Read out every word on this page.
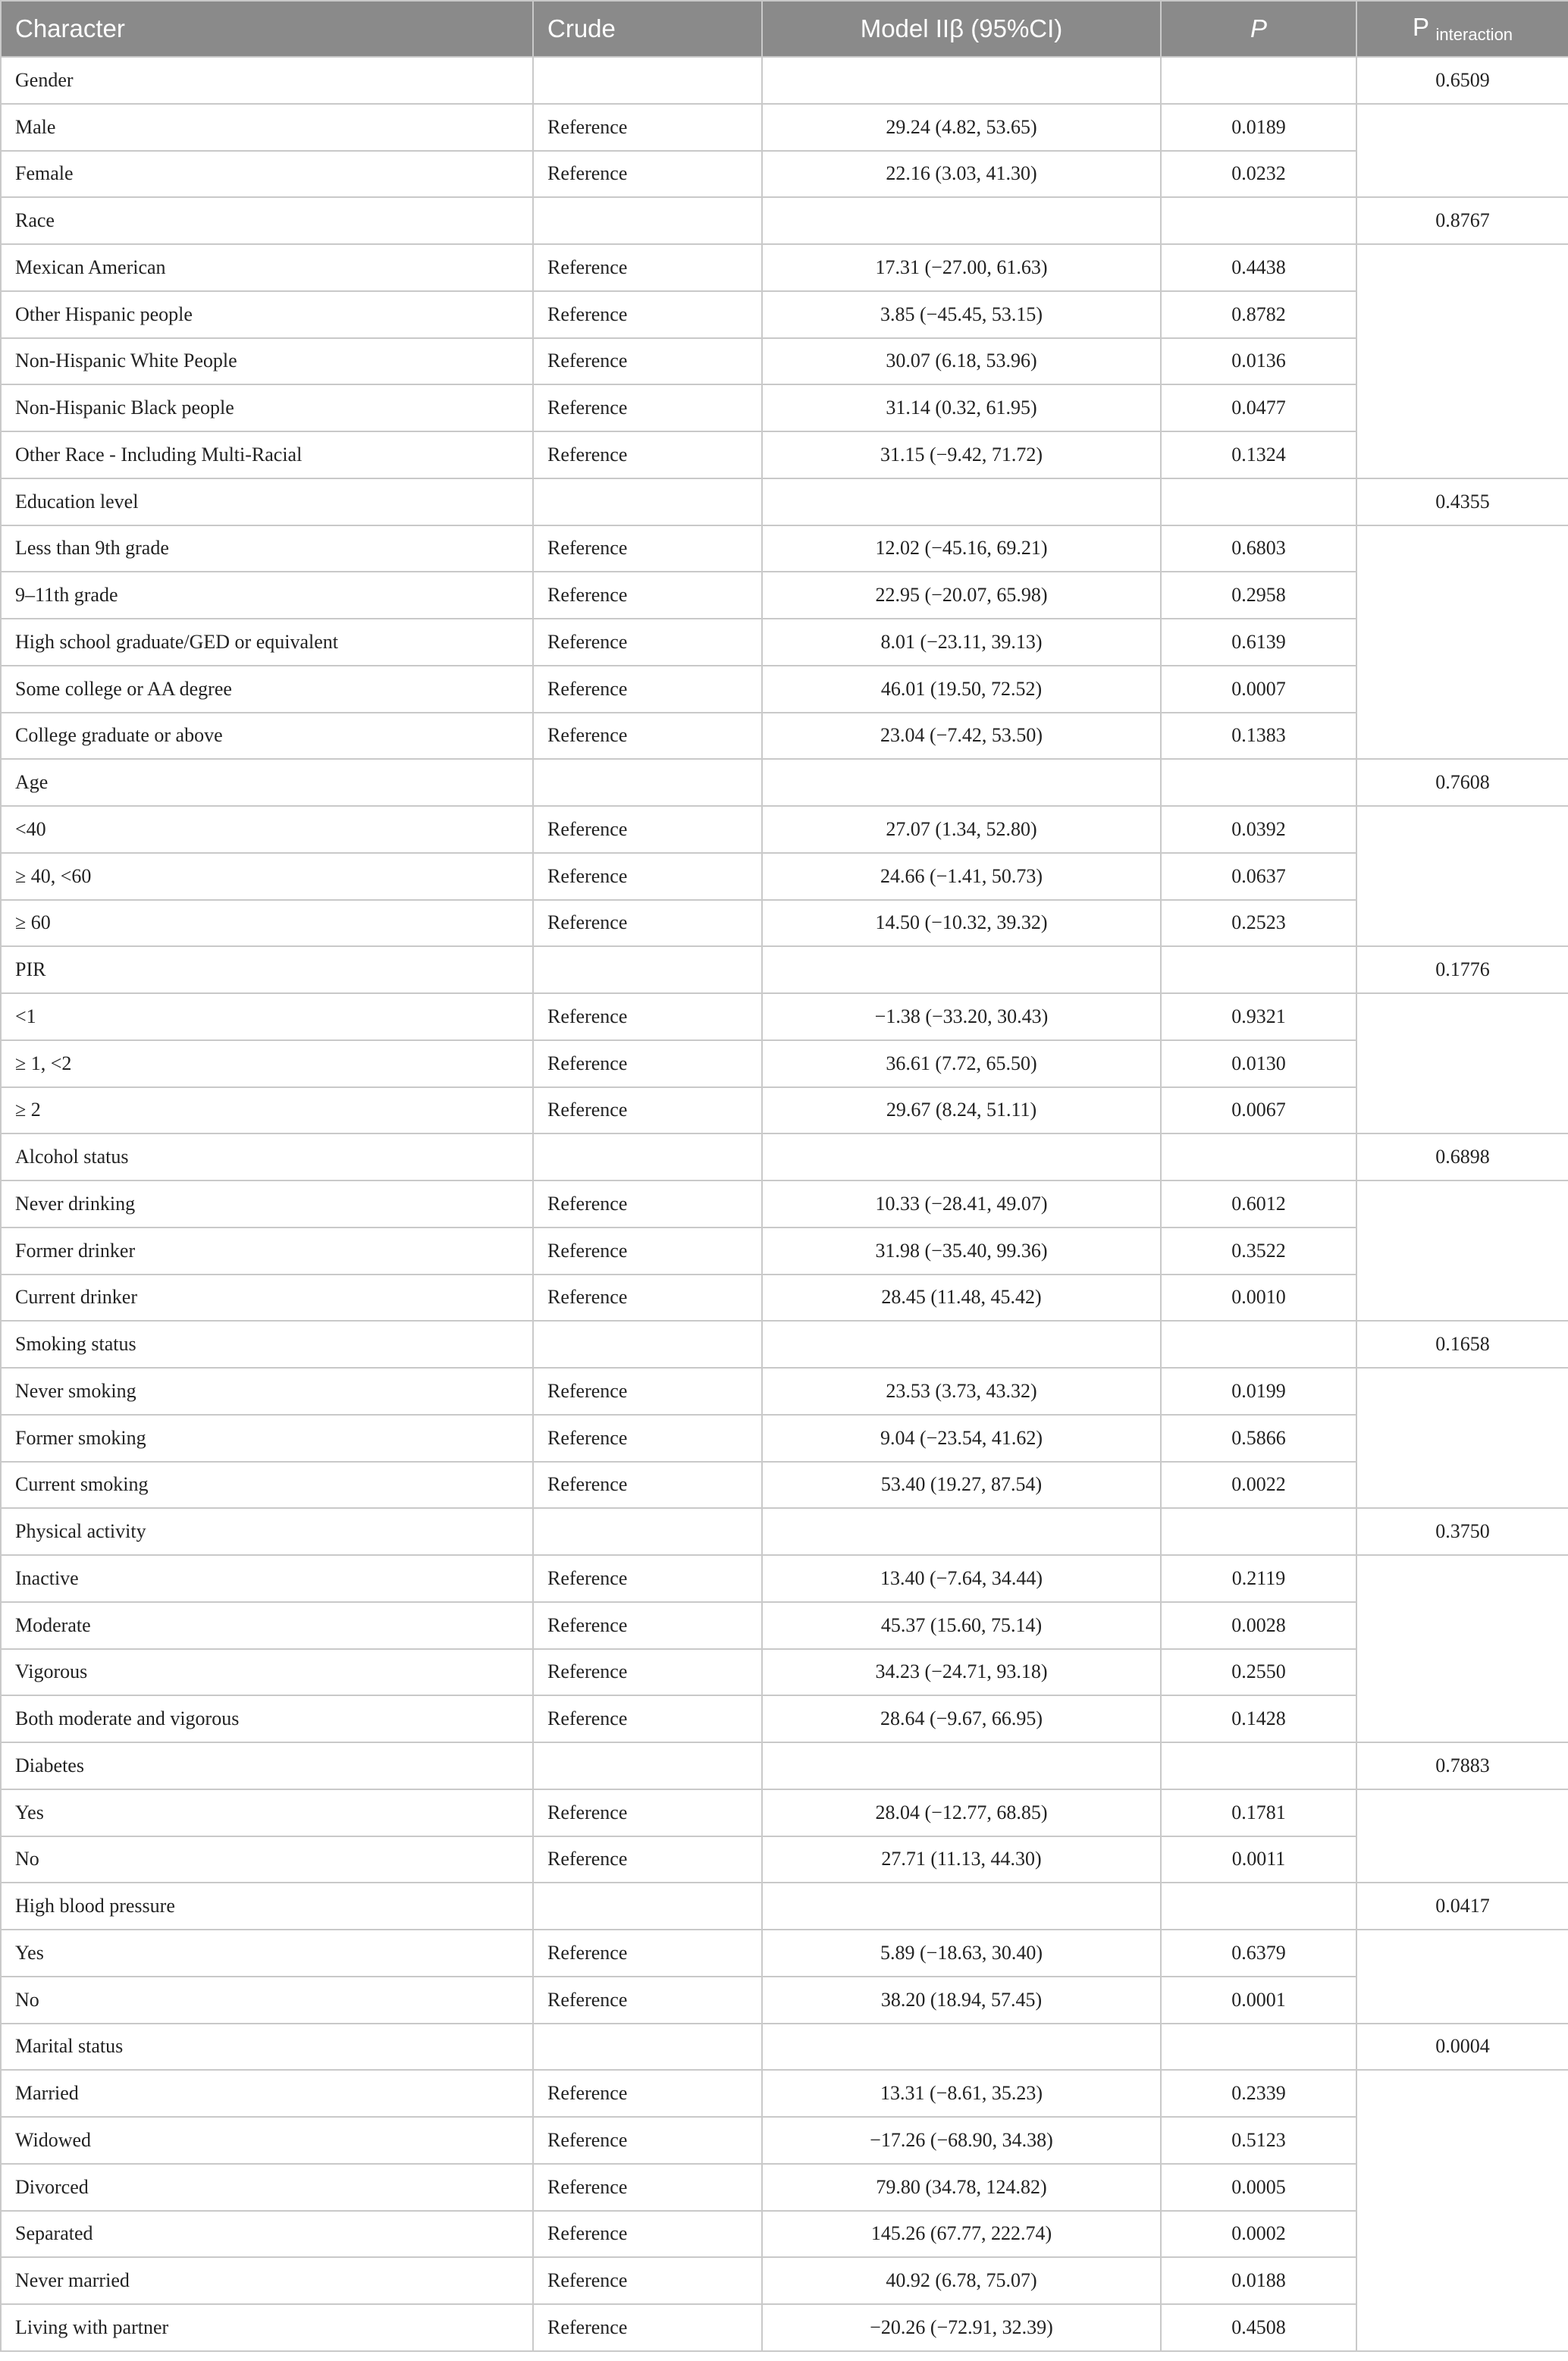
Character	Crude	Model IIβ (95%CI)	P	P $_{interaction}$
Gender				0.6509
Male	Reference	29.24 (4.82, 53.65)	0.0189	
Female	Reference	22.16 (3.03, 41.30)	0.0232	
Race				0.8767
Mexican American	Reference	17.31 (−27.00, 61.63)	0.4438	
Other Hispanic people	Reference	3.85 (−45.45, 53.15)	0.8782	
Non-Hispanic White People	Reference	30.07 (6.18, 53.96)	0.0136	
Non-Hispanic Black people	Reference	31.14 (0.32, 61.95)	0.0477	
Other Race - Including Multi-Racial	Reference	31.15 (−9.42, 71.72)	0.1324	
Education level				0.4355
Less than 9th grade	Reference	12.02 (−45.16, 69.21)	0.6803	
9–11th grade	Reference	22.95 (−20.07, 65.98)	0.2958	
High school graduate/GED or equivalent	Reference	8.01 (−23.11, 39.13)	0.6139	
Some college or AA degree	Reference	46.01 (19.50, 72.52)	0.0007	
College graduate or above	Reference	23.04 (−7.42, 53.50)	0.1383	
Age				0.7608
<40	Reference	27.07 (1.34, 52.80)	0.0392	
≥ 40, <60	Reference	24.66 (−1.41, 50.73)	0.0637	
≥ 60	Reference	14.50 (−10.32, 39.32)	0.2523	
PIR				0.1776
<1	Reference	−1.38 (−33.20, 30.43)	0.9321	
≥ 1, <2	Reference	36.61 (7.72, 65.50)	0.0130	
≥ 2	Reference	29.67 (8.24, 51.11)	0.0067	
Alcohol status				0.6898
Never drinking	Reference	10.33 (−28.41, 49.07)	0.6012	
Former drinker	Reference	31.98 (−35.40, 99.36)	0.3522	
Current drinker	Reference	28.45 (11.48, 45.42)	0.0010	
Smoking status				0.1658
Never smoking	Reference	23.53 (3.73, 43.32)	0.0199	
Former smoking	Reference	9.04 (−23.54, 41.62)	0.5866	
Current smoking	Reference	53.40 (19.27, 87.54)	0.0022	
Physical activity				0.3750
Inactive	Reference	13.40 (−7.64, 34.44)	0.2119	
Moderate	Reference	45.37 (15.60, 75.14)	0.0028	
Vigorous	Reference	34.23 (−24.71, 93.18)	0.2550	
Both moderate and vigorous	Reference	28.64 (−9.67, 66.95)	0.1428	
Diabetes				0.7883
Yes	Reference	28.04 (−12.77, 68.85)	0.1781	
No	Reference	27.71 (11.13, 44.30)	0.0011	
High blood pressure				0.0417
Yes	Reference	5.89 (−18.63, 30.40)	0.6379	
No	Reference	38.20 (18.94, 57.45)	0.0001	
Marital status				0.0004
Married	Reference	13.31 (−8.61, 35.23)	0.2339	
Widowed	Reference	−17.26 (−68.90, 34.38)	0.5123	
Divorced	Reference	79.80 (34.78, 124.82)	0.0005	
Separated	Reference	145.26 (67.77, 222.74)	0.0002	
Never married	Reference	40.92 (6.78, 75.07)	0.0188	
Living with partner	Reference	−20.26 (−72.91, 32.39)	0.4508	
